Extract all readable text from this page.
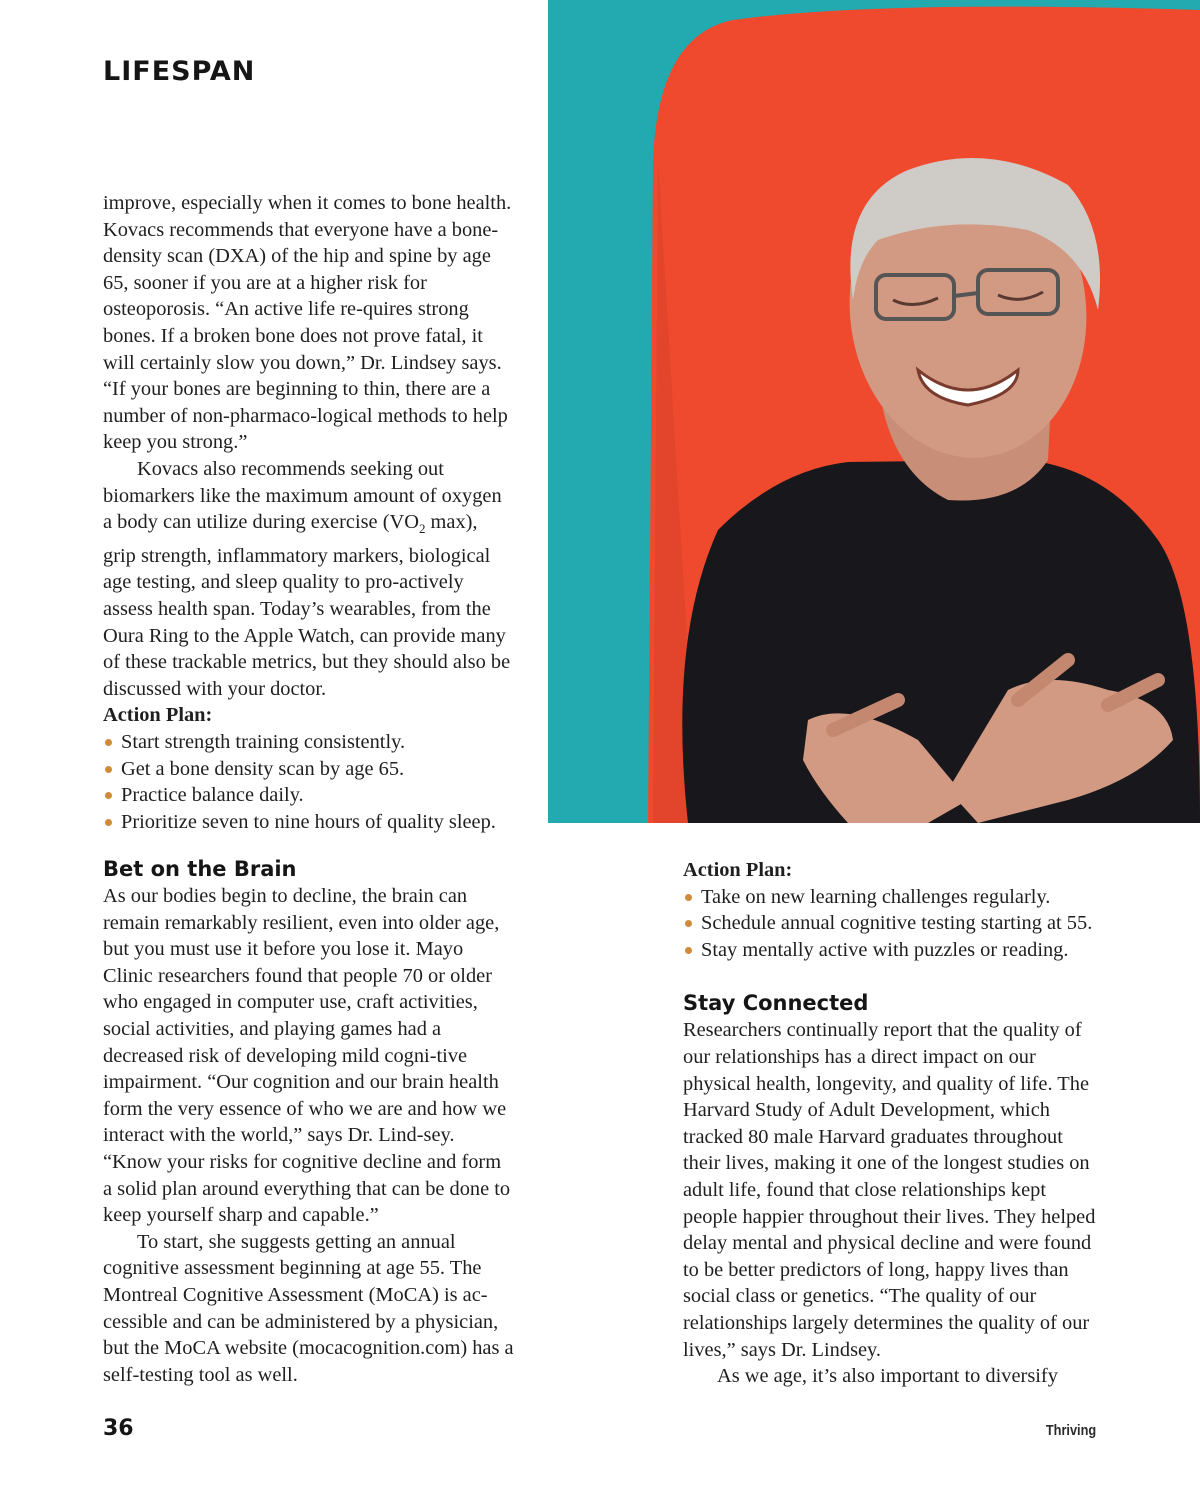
LIFESPAN

improve, especially when it comes to bone health. Kovacs recommends that everyone have a bone-density scan (DXA) of the hip and spine by age 65, sooner if you are at a higher risk for osteoporosis. “An active life re-quires strong bones. If a broken bone does not prove fatal, it will certainly slow you down,” Dr. Lindsey says. “If your bones are beginning to thin, there are a number of non-pharmaco-logical methods to help keep you strong.”

Kovacs also recommends seeking out biomarkers like the maximum amount of oxygen a body can utilize during exercise ($VO_2$ max), grip strength, inflammatory markers, biological age testing, and sleep quality to pro-actively assess health span. Today’s wearables, from the Oura Ring to the Apple Watch, can provide many of these trackable metrics, but they should also be discussed with your doctor.

Action Plan:

Start strength training consistently.
Get a bone density scan by age 65.
Practice balance daily.
Prioritize seven to nine hours of quality sleep.
Bet on the Brain

As our bodies begin to decline, the brain can remain remarkably resilient, even into older age, but you must use it before you lose it. Mayo Clinic researchers found that people 70 or older who engaged in computer use, craft activities, social activities, and playing games had a decreased risk of developing mild cogni-tive impairment. “Our cognition and our brain health form the very essence of who we are and how we interact with the world,” says Dr. Lind-sey. “Know your risks for cognitive decline and form a solid plan around everything that can be done to keep yourself sharp and capable.”

To start, she suggests getting an annual cognitive assessment beginning at age 55. The Montreal Cognitive Assessment (MoCA) is ac-cessible and can be administered by a physician, but the MoCA website (mocacognition.com) has a self-testing tool as well.

Action Plan:

Take on new learning challenges regularly.
Schedule annual cognitive testing starting at 55.
Stay mentally active with puzzles or reading.
Stay Connected

Researchers continually report that the quality of our relationships has a direct impact on our physical health, longevity, and quality of life. The Harvard Study of Adult Development, which tracked 80 male Harvard graduates throughout their lives, making it one of the longest studies on adult life, found that close relationships kept people happier throughout their lives. They helped delay mental and physical decline and were found to be better predictors of long, happy lives than social class or genetics. “The quality of our relationships largely determines the quality of our lives,” says Dr. Lindsey.

As we age, it’s also important to diversify

36	Thriving
